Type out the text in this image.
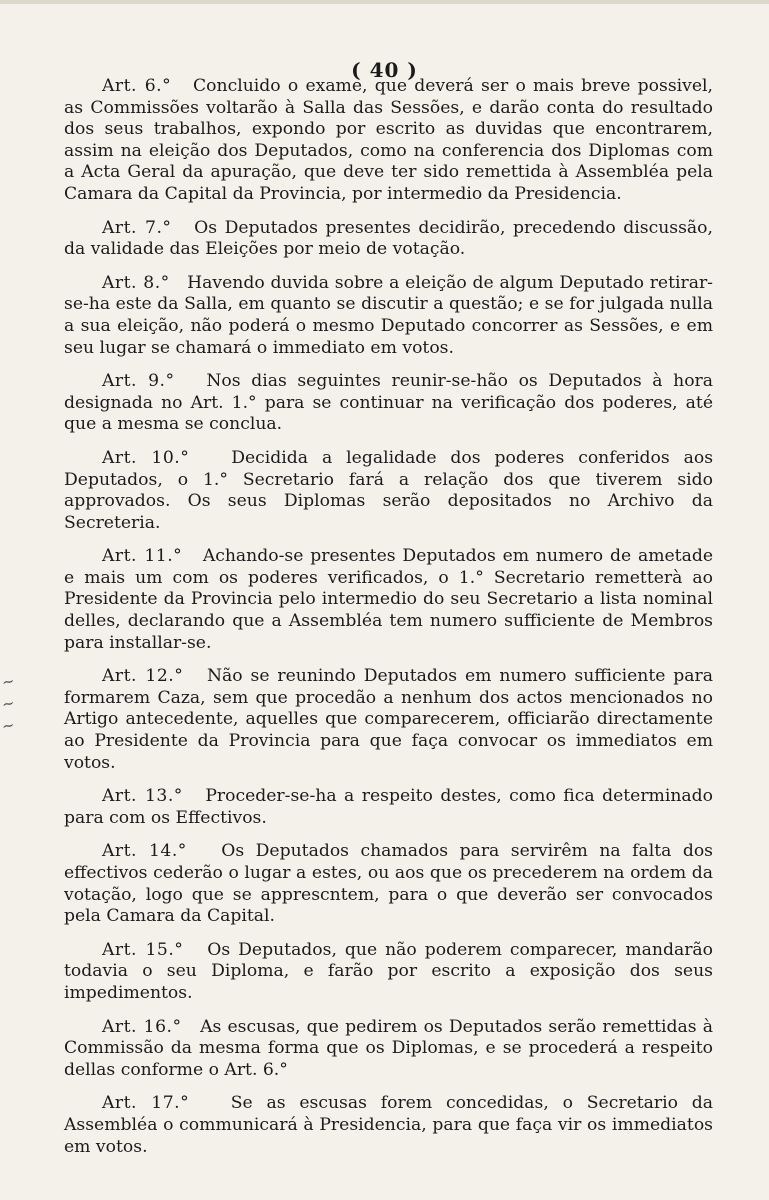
( 40 )

Art. 6.° Concluido o exame, que deverá ser o mais breve possivel, as Commissões voltarão à Salla das Sessões, e darão conta do resultado dos seus trabalhos, expondo por escrito as duvidas que encontrarem, assim na eleição dos Deputados, como na conferencia dos Diplomas com a Acta Geral da apuração, que deve ter sido remettida à Assembléa pela Camara da Capital da Provincia, por intermedio da Presidencia.

Art. 7.° Os Deputados presentes decidirão, precedendo discussão, da validade das Eleições por meio de votação.

Art. 8.° Havendo duvida sobre a eleição de algum Deputado retirar-se-ha este da Salla, em quanto se discutir a questão; e se for julgada nulla a sua eleição, não poderá o mesmo Deputado concorrer as Sessões, e em seu lugar se chamará o immediato em votos.

Art. 9.° Nos dias seguintes reunir-se-hão os Deputados à hora designada no Art. 1.° para se continuar na verificação dos poderes, até que a mesma se conclua.

Art. 10.° Decidida a legalidade dos poderes conferidos aos Deputados, o 1.° Secretario fará a relação dos que tiverem sido approvados. Os seus Diplomas serão depositados no Archivo da Secreteria.

Art. 11.° Achando-se presentes Deputados em numero de ametade e mais um com os poderes verificados, o 1.° Secretario remetterà ao Presidente da Provincia pelo intermedio do seu Secretario a lista nominal delles, declarando que a Assembléa tem numero sufficiente de Membros para installar-se.

Art. 12.° Não se reunindo Deputados em numero sufficiente para formarem Caza, sem que procedão a nenhum dos actos mencionados no Artigo antecedente, aquelles que comparecerem, officiarão directamente ao Presidente da Provincia para que faça convocar os immediatos em votos.

Art. 13.° Proceder-se-ha a respeito destes, como fica determinado para com os Effectivos.

Art. 14.° Os Deputados chamados para servirêm na falta dos effectivos cederão o lugar a estes, ou aos que os precederem na ordem da votação, logo que se apprescntem, para o que deverão ser convocados pela Camara da Capital.

Art. 15.° Os Deputados, que não poderem comparecer, mandarão todavia o seu Diploma, e farão por escrito a exposição dos seus impedimentos.

Art. 16.° As escusas, que pedirem os Deputados serão remettidas à Commissão da mesma forma que os Diplomas, e se procederá a respeito dellas conforme o Art. 6.°

Art. 17.° Se as escusas forem concedidas, o Secretario da Assembléa o communicará à Presidencia, para que faça vir os immediatos em votos.

~
~
~
